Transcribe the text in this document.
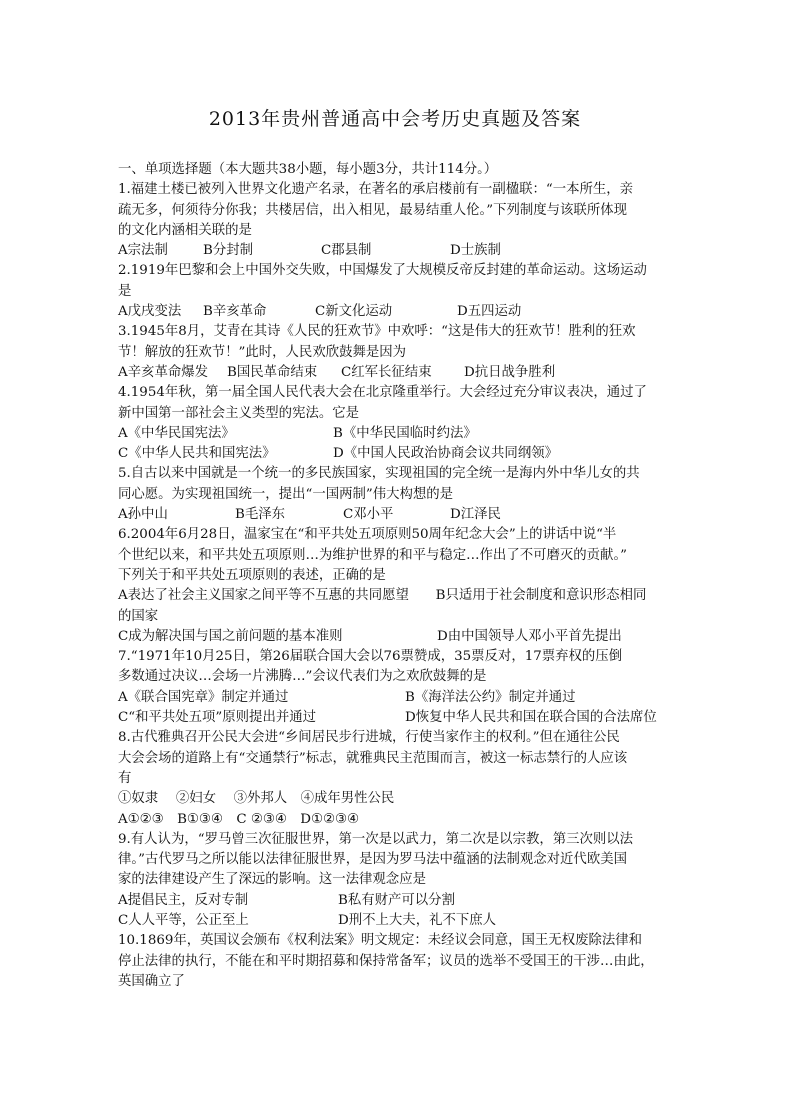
2013年贵州普通高中会考历史真题及答案
一、单项选择题（本大题共38小题，每小题3分，共计114分。）
1.福建土楼已被列入世界文化遗产名录，在著名的承启楼前有一副楹联：“一本所生，亲
疏无多，何须待分你我；共楼居信，出入相见，最易结重人伦。”下列制度与该联所体现
的文化内涵相关联的是
A宗法制	B分封制	C郡县制	D士族制
2.1919年巴黎和会上中国外交失败，中国爆发了大规模反帝反封建的革命运动。这场运动
是
A戊戌变法 B辛亥革命	C新文化运动	D五四运动
3.1945年8月，艾青在其诗《人民的狂欢节》中欢呼：“这是伟大的狂欢节！胜利的狂欢
节！解放的狂欢节！”此时，人民欢欣鼓舞是因为
A辛亥革命爆发 B国民革命结束 C红军长征结束 D抗日战争胜利
4.1954年秋，第一届全国人民代表大会在北京隆重举行。大会经过充分审议表决，通过了
新中国第一部社会主义类型的宪法。它是
A《中华民国宪法》	B《中华民国临时约法》
C《中华人民共和国宪法》	D《中国人民政治协商会议共同纲领》
5.自古以来中国就是一个统一的多民族国家，实现祖国的完全统一是海内外中华儿女的共
同心愿。为实现祖国统一，提出“一国两制”伟大构想的是
A孙中山	B毛泽东	C邓小平	D江泽民
6.2004年6月28日，温家宝在“和平共处五项原则50周年纪念大会”上的讲话中说“半
个世纪以来，和平共处五项原则…为维护世界的和平与稳定…作出了不可磨灭的贡献。”
下列关于和平共处五项原则的表述，正确的是
A表达了社会主义国家之间平等不互惠的共同愿望　　B只适用于社会制度和意识形态相同
的国家
C成为解决国与国之前问题的基本准则	D由中国领导人邓小平首先提出
7.“1971年10月25日，第26届联合国大会以76票赞成，35票反对，17票弃权的压倒
多数通过决议…会场一片沸腾…”会议代表们为之欢欣鼓舞的是
A《联合国宪章》制定并通过	B《海洋法公约》制定并通过
C“和平共处五项”原则提出并通过	D恢复中华人民共和国在联合国的合法席位
8.古代雅典召开公民大会进“乡间居民步行进城，行使当家作主的权利。”但在通往公民
大会会场的道路上有“交通禁行”标志，就雅典民主范围而言，被这一标志禁行的人应该
有
①奴隶　 ②妇女　 ③外邦人　④成年男性公民
A①②③　B①③④　C ②③④　D①②③④
9.有人认为，“罗马曾三次征服世界，第一次是以武力，第二次是以宗教，第三次则以法
律。”古代罗马之所以能以法律征服世界，是因为罗马法中蕴涵的法制观念对近代欧美国
家的法律建设产生了深远的影响。这一法律观念应是
A提倡民主，反对专制	B私有财产可以分割
C人人平等，公正至上	D刑不上大夫，礼不下庶人
10.1869年，英国议会颁布《权利法案》明文规定：未经议会同意，国王无权废除法律和
停止法律的执行，不能在和平时期招募和保持常备军；议员的选举不受国王的干涉…由此，
英国确立了
